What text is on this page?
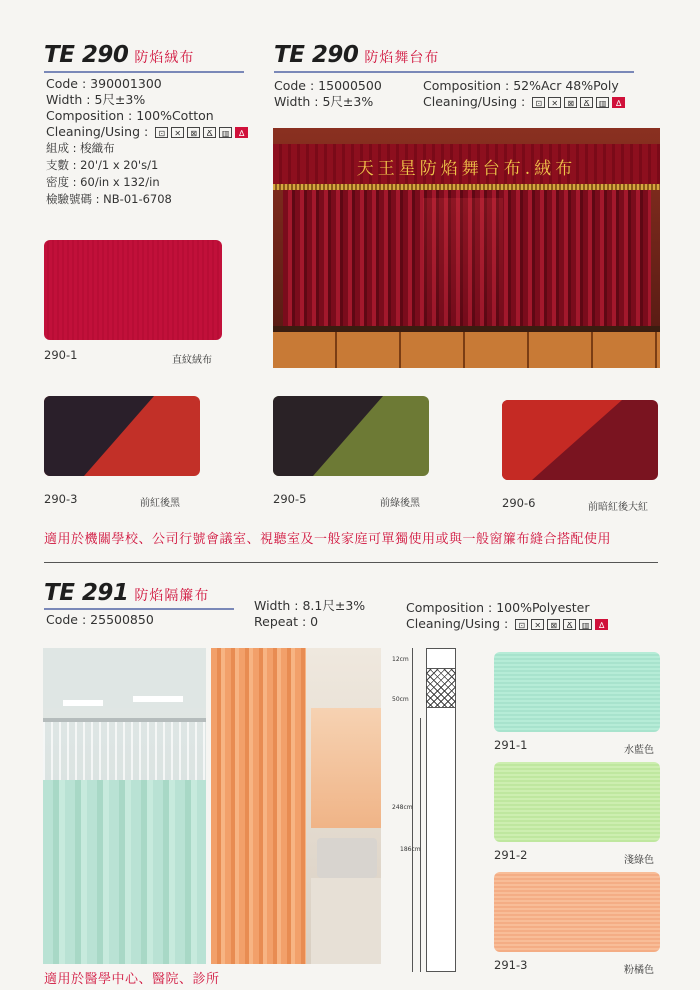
TE 290 防焰絨布
Code : 390001300
Width : 5尺±3%
Composition : 100%Cotton
Cleaning/Using :	⊡	✕	⊠	Ճ	▥	∆
組成 : 梭織布
支數 : 20'/1 x 20's/1
密度 : 60/in x 132/in
檢驗號碼 : NB-01-6708
290-1	直紋絨布
TE 290 防焰舞台布
Code : 15000500
Width : 5尺±3%
Composition : 52%Acr 48%Poly
Cleaning/Using :	⊡	✕	⊠	Ճ	▥	∆
天王星防焰舞台布.絨布
290-3	前紅後黑	290-5	前綠後黑	290-6	前暗紅後大紅
適用於機關學校、公司行號會議室、視聽室及一般家庭可單獨使用或與一般窗簾布縫合搭配使用
TE 291 防焰隔簾布
Code : 25500850
Width : 8.1尺±3%
Repeat : 0
Composition : 100%Polyester
Cleaning/Using :	⊡	✕	⊠	Ճ	▥	∆
12cm
50cm
248cm
186cm
291-1	水藍色
291-2	淺綠色
291-3	粉橘色
適用於醫學中心、醫院、診所
